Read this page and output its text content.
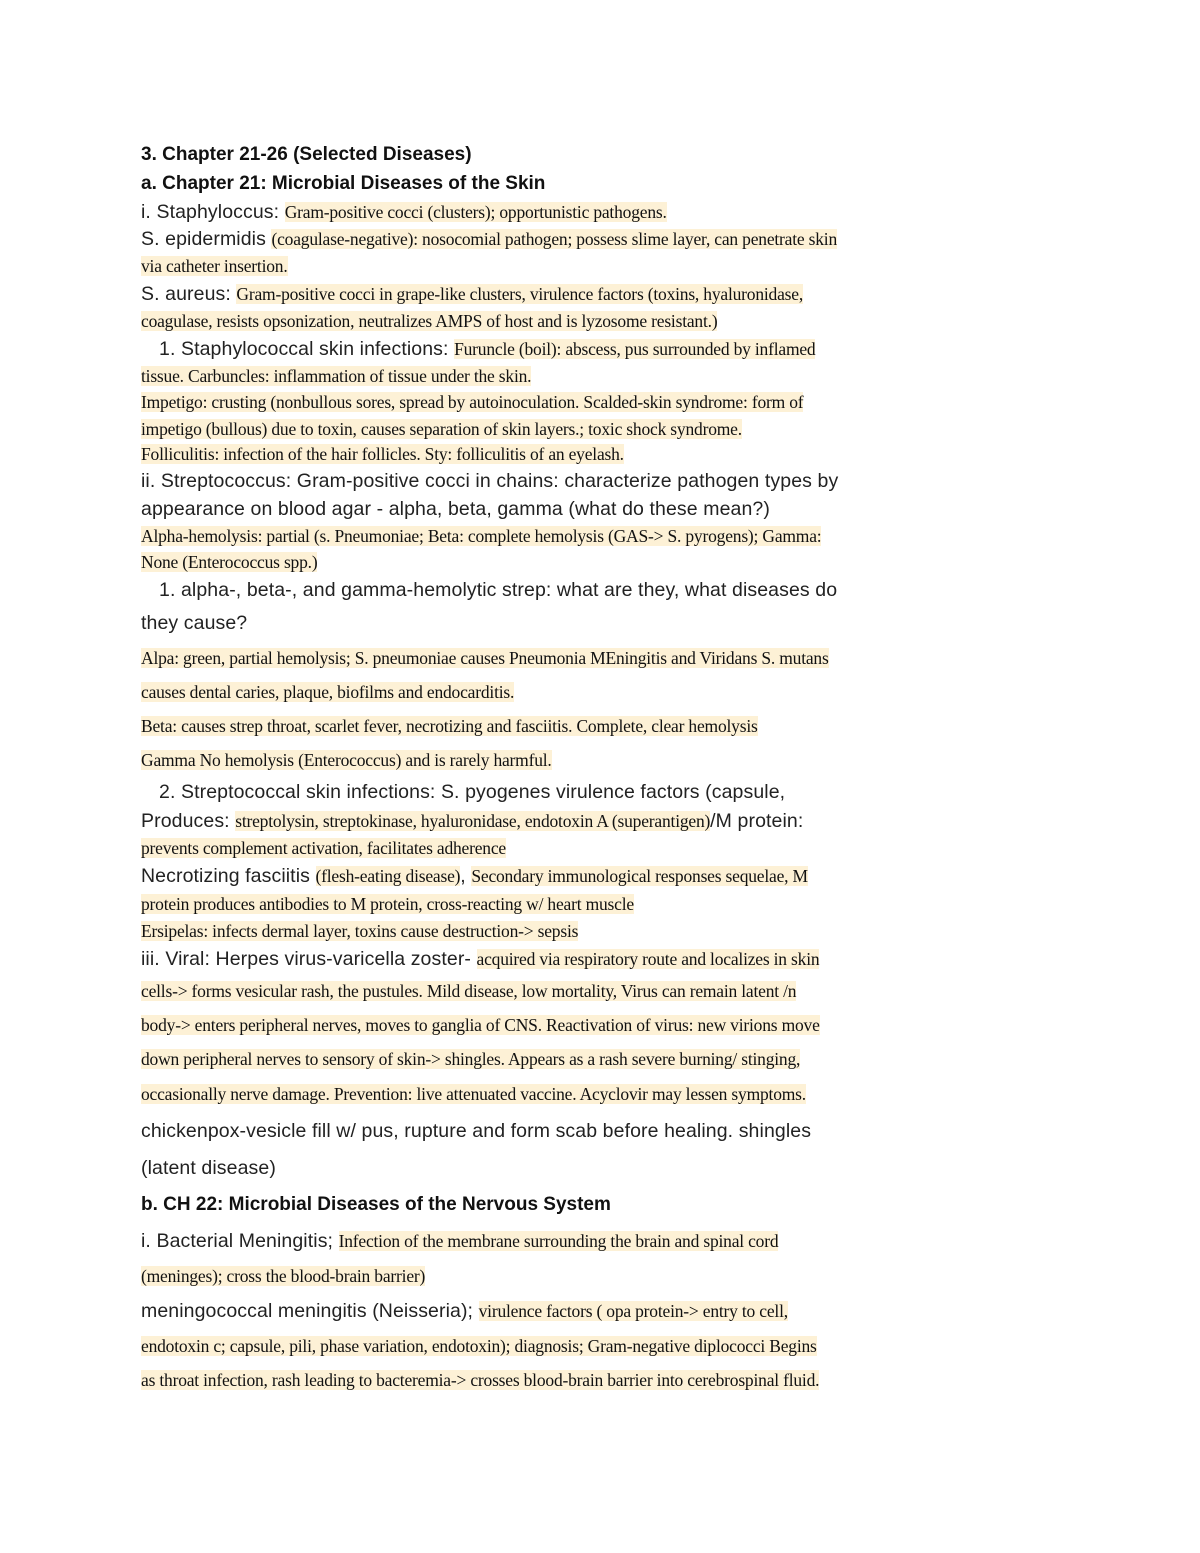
3. Chapter 21-26 (Selected Diseases)

a. Chapter 21: Microbial Diseases of the Skin

i. Staphyloccus: Gram-positive cocci (clusters); opportunistic pathogens.

S. epidermidis (coagulase-negative): nosocomial pathogen; possess slime layer, can penetrate skin

via catheter insertion.

S. aureus: Gram-positive cocci in grape-like clusters, virulence factors (toxins, hyaluronidase,

coagulase, resists opsonization, neutralizes AMPS of host and is lyzosome resistant.)

1. Staphylococcal skin infections: Furuncle (boil): abscess, pus surrounded by inflamed

tissue. Carbuncles: inflammation of tissue under the skin.

Impetigo: crusting (nonbullous sores, spread by autoinoculation. Scalded-skin syndrome: form of

impetigo (bullous) due to toxin, causes separation of skin layers.; toxic shock syndrome.

Folliculitis: infection of the hair follicles. Sty: folliculitis of an eyelash.

ii. Streptococcus: Gram-positive cocci in chains: characterize pathogen types by

appearance on blood agar - alpha, beta, gamma (what do these mean?)

Alpha-hemolysis: partial (s. Pneumoniae; Beta: complete hemolysis (GAS-> S. pyrogens); Gamma:

None (Enterococcus spp.)

1. alpha-, beta-, and gamma-hemolytic strep: what are they, what diseases do

they cause?

Alpa: green, partial hemolysis; S. pneumoniae causes Pneumonia MEningitis and Viridans S. mutans

causes dental caries, plaque, biofilms and endocarditis.

Beta: causes strep throat, scarlet fever, necrotizing and fasciitis. Complete, clear hemolysis

Gamma No hemolysis (Enterococcus) and is rarely harmful.

2. Streptococcal skin infections: S. pyogenes virulence factors (capsule,

Produces: streptolysin, streptokinase, hyaluronidase, endotoxin A (superantigen)/M protein:

prevents complement activation, facilitates adherence

Necrotizing fasciitis (flesh-eating disease), Secondary immunological responses sequelae, M

protein produces antibodies to M protein, cross-reacting w/ heart muscle

Ersipelas: infects dermal layer, toxins cause destruction-> sepsis

iii. Viral: Herpes virus-varicella zoster- acquired via respiratory route and localizes in skin

cells-> forms vesicular rash, the pustules. Mild disease, low mortality, Virus can remain latent /n

body-> enters peripheral nerves, moves to ganglia of CNS. Reactivation of virus: new virions move

down peripheral nerves to sensory of skin-> shingles. Appears as a rash severe burning/ stinging,

occasionally nerve damage. Prevention: live attenuated vaccine. Acyclovir may lessen symptoms.

chickenpox-vesicle fill w/ pus, rupture and form scab before healing. shingles

(latent disease)

b. CH 22: Microbial Diseases of the Nervous System

i. Bacterial Meningitis; Infection of the membrane surrounding the brain and spinal cord

(meninges); cross the blood-brain barrier)

meningococcal meningitis (Neisseria); virulence factors ( opa protein-> entry to cell,

endotoxin c; capsule, pili, phase variation, endotoxin); diagnosis; Gram-negative diplococci Begins

as throat infection, rash leading to bacteremia-> crosses blood-brain barrier into cerebrospinal fluid.
